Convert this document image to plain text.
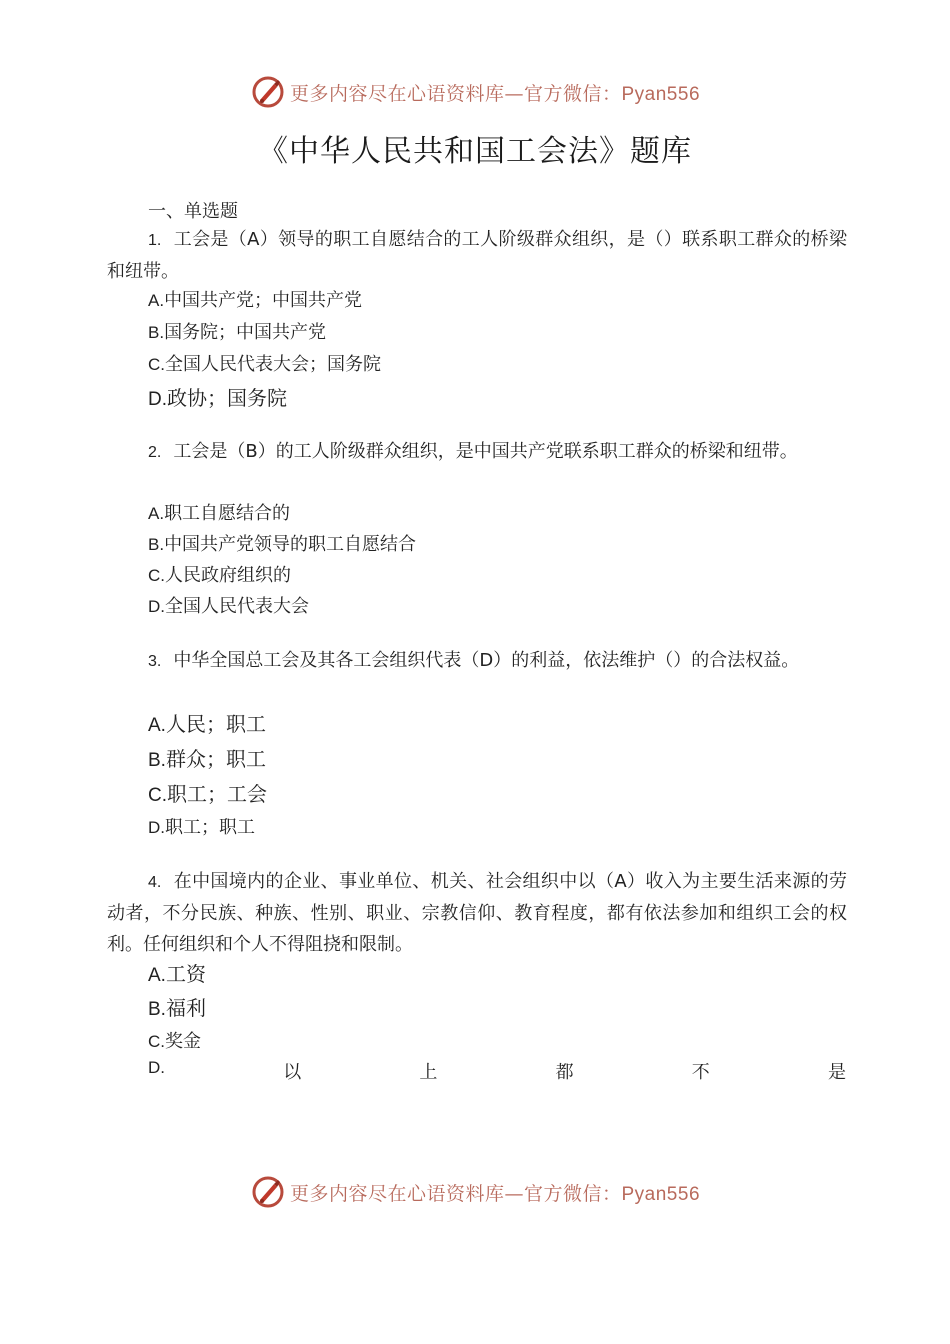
更多内容尽在心语资料库—官方微信：Pyan556
《中华人民共和国工会法》题库
一、单选题
1. 工会是（A）领导的职工自愿结合的工人阶级群众组织，是（）联系职工群众的桥梁和纽带。
A.中国共产党；中国共产党
B.国务院；中国共产党
C.全国人民代表大会；国务院
D.政协；国务院
2. 工会是（B）的工人阶级群众组织，是中国共产党联系职工群众的桥梁和纽带。
A.职工自愿结合的
B.中国共产党领导的职工自愿结合
C.人民政府组织的
D.全国人民代表大会
3. 中华全国总工会及其各工会组织代表（D）的利益，依法维护（）的合法权益。
A.人民；职工
B.群众；职工
C.职工；工会
D.职工；职工
4. 在中国境内的企业、事业单位、机关、社会组织中以（A）收入为主要生活来源的劳动者，不分民族、种族、性别、职业、宗教信仰、教育程度，都有依法参加和组织工会的权利。任何组织和个人不得阻挠和限制。
A.工资
B.福利
C.奖金
D.	以	上	都	不	是
更多内容尽在心语资料库—官方微信：Pyan556
